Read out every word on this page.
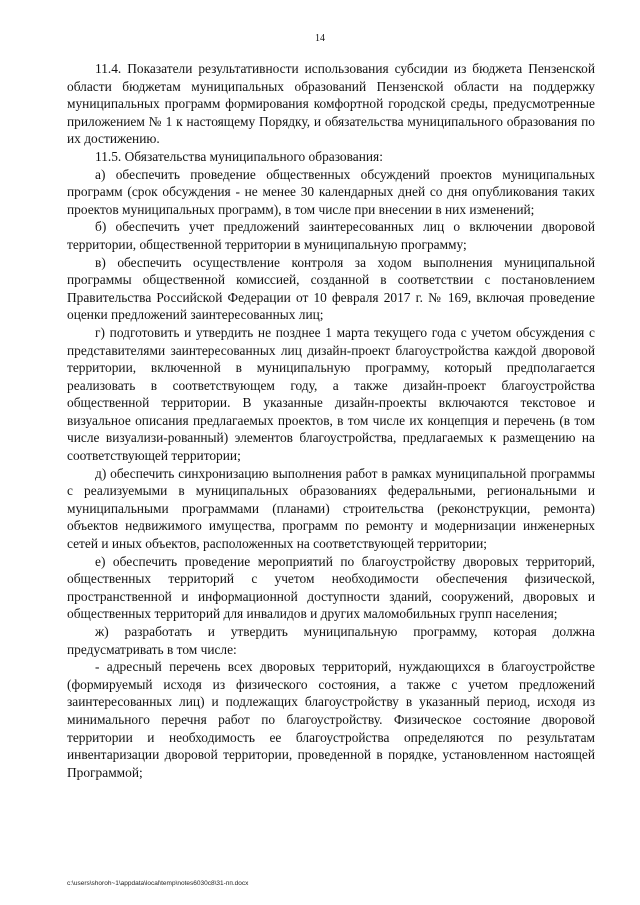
14

11.4. Показатели результативности использования субсидии из бюджета Пензенской области бюджетам муниципальных образований Пензенской области на поддержку муниципальных программ формирования комфортной городской среды, предусмотренные приложением № 1 к настоящему Порядку, и обязательства муниципального образования по их достижению.

11.5. Обязательства муниципального образования:

а) обеспечить проведение общественных обсуждений проектов муниципальных программ (срок обсуждения - не менее 30 календарных дней со дня опубликования таких проектов муниципальных программ), в том числе при внесении в них изменений;

б) обеспечить учет предложений заинтересованных лиц о включении дворовой территории, общественной территории в муниципальную программу;

в) обеспечить осуществление контроля за ходом выполнения муниципальной программы общественной комиссией, созданной в соответствии с постановлением Правительства Российской Федерации от 10 февраля 2017 г. № 169, включая проведение оценки предложений заинтересованных лиц;

г) подготовить и утвердить не позднее 1 марта текущего года с учетом обсуждения с представителями заинтересованных лиц дизайн-проект благоустройства каждой дворовой территории, включенной в муниципальную программу, который предполагается реализовать в соответствующем году, а также дизайн-проект благоустройства общественной территории. В указанные дизайн-проекты включаются текстовое и визуальное описания предлагаемых проектов, в том числе их концепция и перечень (в том числе визуализи-рованный) элементов благоустройства, предлагаемых к размещению на соответствующей территории;

д) обеспечить синхронизацию выполнения работ в рамках муниципальной программы с реализуемыми в муниципальных образованиях федеральными, региональными и муниципальными программами (планами) строительства (реконструкции, ремонта) объектов недвижимого имущества, программ по ремонту и модернизации инженерных сетей и иных объектов, расположенных на соответствующей территории;

е) обеспечить проведение мероприятий по благоустройству дворовых территорий, общественных территорий с учетом необходимости обеспечения физической, пространственной и информационной доступности зданий, сооружений, дворовых и общественных территорий для инвалидов и других маломобильных групп населения;

ж) разработать и утвердить муниципальную программу, которая должна предусматривать в том числе:

- адресный перечень всех дворовых территорий, нуждающихся в благоустройстве (формируемый исходя из физического состояния, а также с учетом предложений заинтересованных лиц) и подлежащих благоустройству в указанный период, исходя из минимального перечня работ по благоустройству. Физическое состояние дворовой территории и необходимость ее благоустройства определяются по результатам инвентаризации дворовой территории, проведенной в порядке, установленном настоящей Программой;

c:\users\shoroh~1\appdata\local\temp\notes6030c8\31-пп.docx
